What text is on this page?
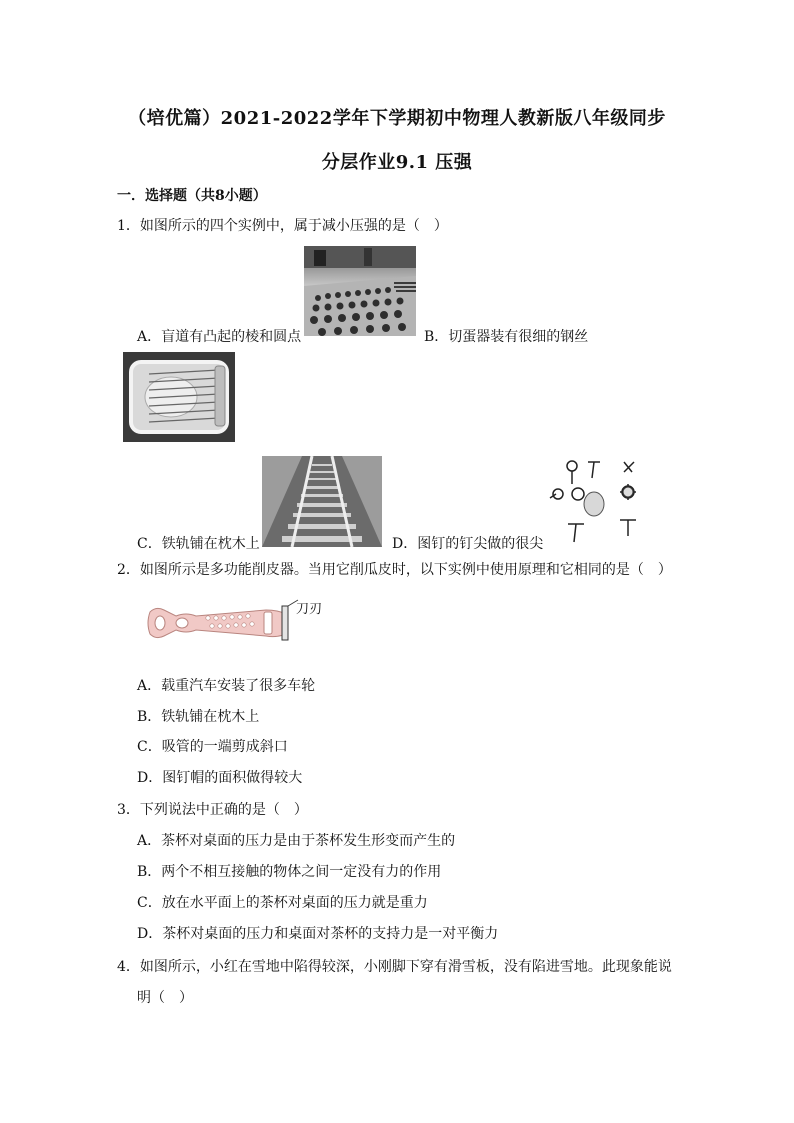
（培优篇）2021-2022学年下学期初中物理人教新版八年级同步
分层作业9.1 压强
一．选择题（共8小题）
1．如图所示的四个实例中，属于减小压强的是（　）
A．盲道有凸起的棱和圆点	B．切蛋器装有很细的钢丝
C．铁轨铺在枕木上	D．图钉的钉尖做的很尖
2．如图所示是多功能削皮器。当用它削瓜皮时，以下实例中使用原理和它相同的是（　）
刀刃
A．载重汽车安装了很多车轮
B．铁轨铺在枕木上
C．吸管的一端剪成斜口
D．图钉帽的面积做得较大
3．下列说法中正确的是（　）
A．茶杯对桌面的压力是由于茶杯发生形变而产生的
B．两个不相互接触的物体之间一定没有力的作用
C．放在水平面上的茶杯对桌面的压力就是重力
D．茶杯对桌面的压力和桌面对茶杯的支持力是一对平衡力
4．如图所示，小红在雪地中陷得较深，小刚脚下穿有滑雪板，没有陷进雪地。此现象能说
明（　）
